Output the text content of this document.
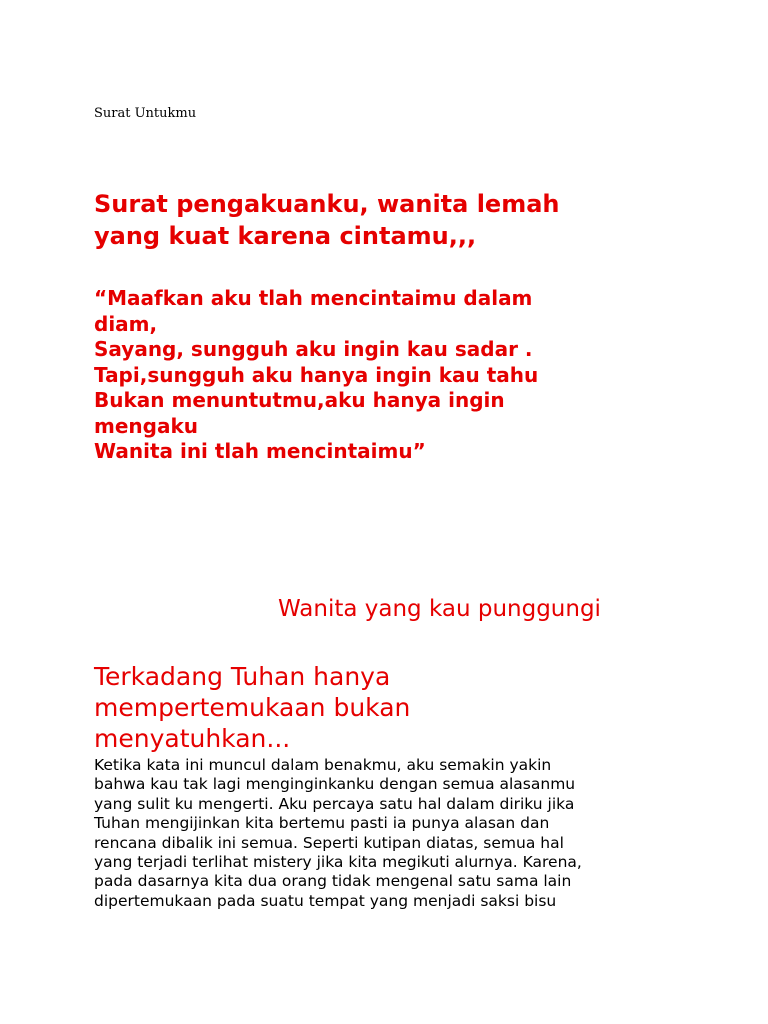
Surat Untukmu
Surat pengakuanku, wanita lemah
yang kuat karena cintamu,,,
“Maafkan aku tlah mencintaimu dalam
diam,
Sayang, sungguh aku ingin kau sadar .
Tapi,sungguh aku hanya ingin kau tahu
Bukan menuntutmu,aku hanya ingin
mengaku
Wanita ini tlah mencintaimu”
Wanita yang kau punggungi
Terkadang Tuhan hanya
mempertemukaan bukan
menyatuhkan...
Ketika kata ini muncul dalam benakmu, aku semakin yakin
bahwa kau tak lagi menginginkanku dengan semua alasanmu
yang sulit ku mengerti. Aku percaya satu hal dalam diriku jika
Tuhan mengijinkan kita bertemu pasti ia punya alasan dan
rencana dibalik ini semua. Seperti kutipan diatas, semua hal
yang terjadi terlihat mistery jika kita megikuti alurnya. Karena,
pada dasarnya kita dua orang tidak mengenal satu sama lain
dipertemukaan pada suatu tempat yang menjadi saksi bisu
